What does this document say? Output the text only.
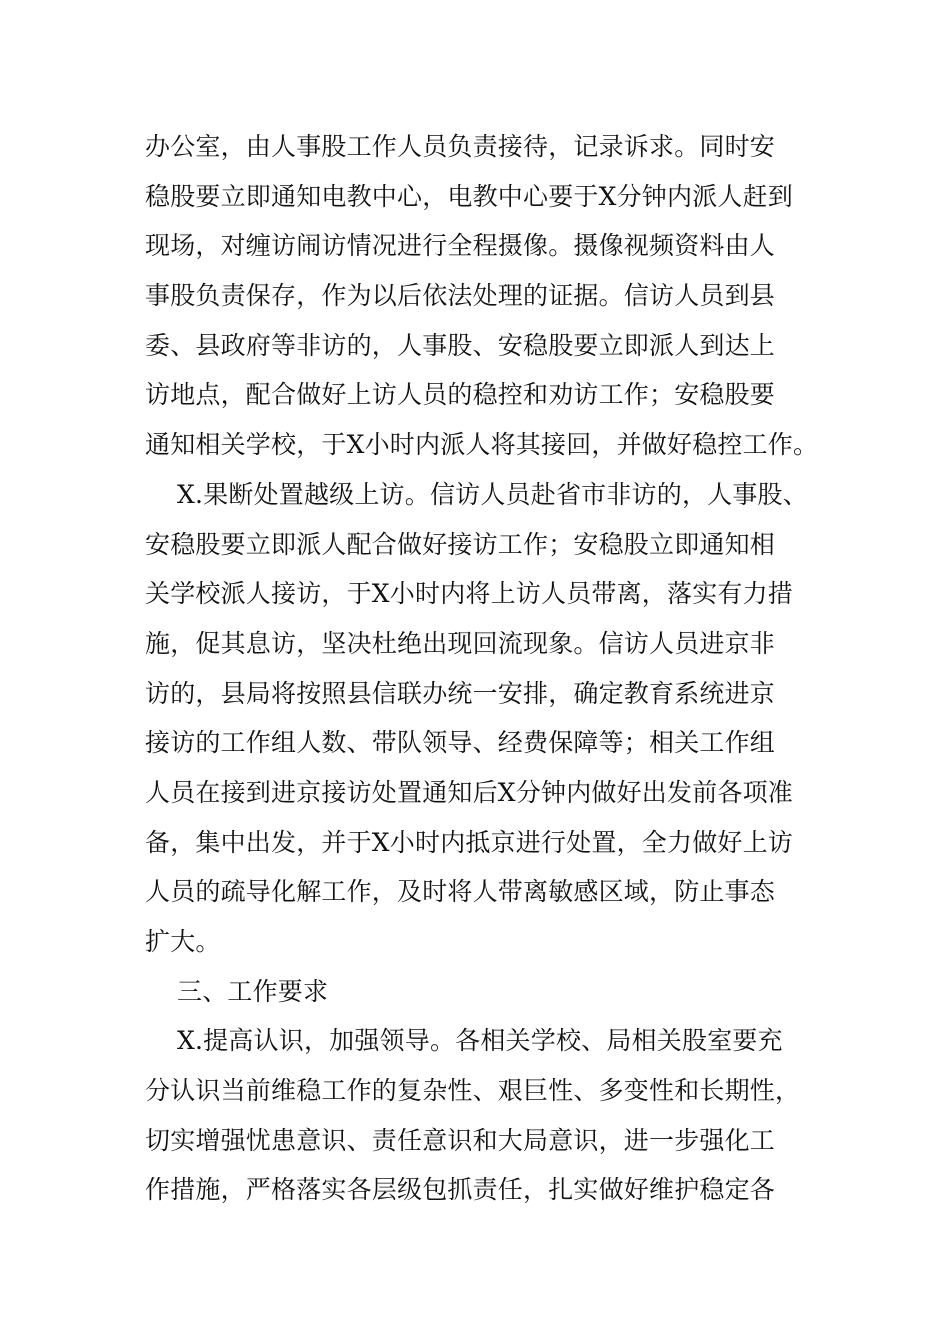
办公室，由人事股工作人员负责接待，记录诉求。同时安
稳股要立即通知电教中心，电教中心要于X分钟内派人赶到
现场，对缠访闹访情况进行全程摄像。摄像视频资料由人
事股负责保存，作为以后依法处理的证据。信访人员到县
委、县政府等非访的，人事股、安稳股要立即派人到达上
访地点，配合做好上访人员的稳控和劝访工作；安稳股要
通知相关学校，于X小时内派人将其接回，并做好稳控工作。
X.果断处置越级上访。信访人员赴省市非访的，人事股、
安稳股要立即派人配合做好接访工作；安稳股立即通知相
关学校派人接访，于X小时内将上访人员带离，落实有力措
施，促其息访，坚决杜绝出现回流现象。信访人员进京非
访的，县局将按照县信联办统一安排，确定教育系统进京
接访的工作组人数、带队领导、经费保障等；相关工作组
人员在接到进京接访处置通知后X分钟内做好出发前各项准
备，集中出发，并于X小时内抵京进行处置，全力做好上访
人员的疏导化解工作，及时将人带离敏感区域，防止事态
扩大。
三、工作要求
X.提高认识，加强领导。各相关学校、局相关股室要充
分认识当前维稳工作的复杂性、艰巨性、多变性和长期性，
切实增强忧患意识、责任意识和大局意识，进一步强化工
作措施，严格落实各层级包抓责任，扎实做好维护稳定各
